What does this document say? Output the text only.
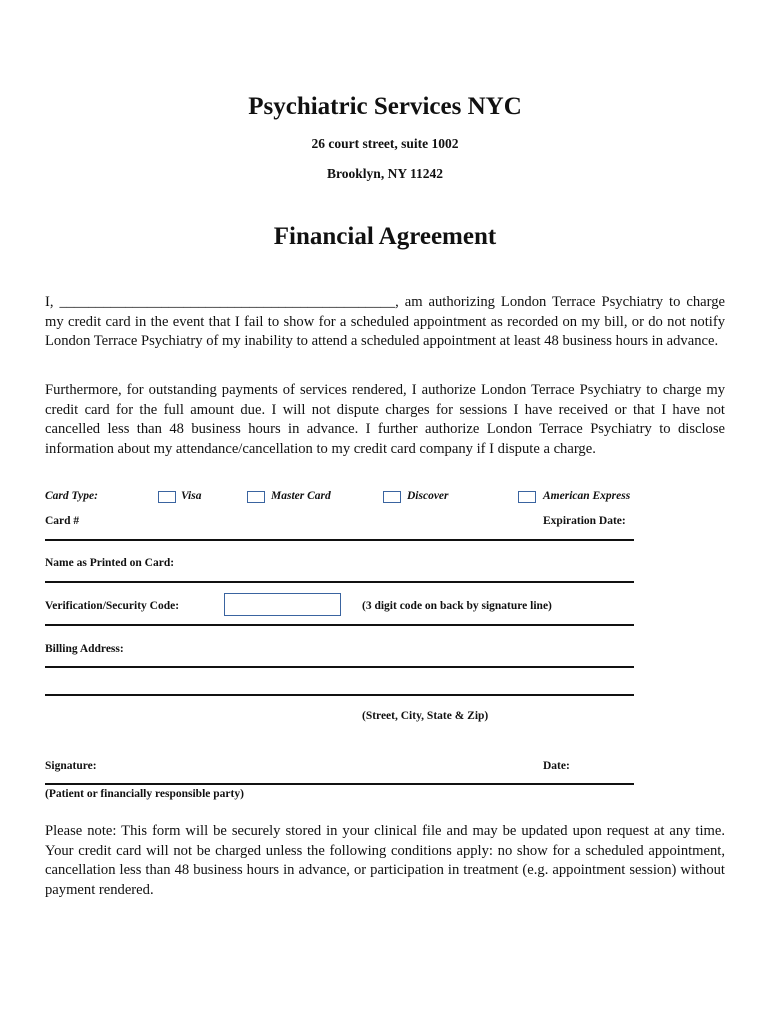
Psychiatric Services NYC
26 court street, suite 1002
Brooklyn, NY 11242
Financial Agreement
I, ______________________________________________, am authorizing London Terrace Psychiatry to charge my credit card in the event that I fail to show for a scheduled appointment as recorded on my bill, or do not notify London Terrace Psychiatry of my inability to attend a scheduled appointment at least 48 business hours in advance.
Furthermore, for outstanding payments of services rendered, I authorize London Terrace Psychiatry to charge my credit card for the full amount due. I will not dispute charges for sessions I have received or that I have not cancelled less than 48 business hours in advance. I further authorize London Terrace Psychiatry to disclose information about my attendance/cancellation to my credit card company if I dispute a charge.
Card Type:	Visa	Master Card	Discover	American Express
Card #	Expiration Date:
Name as Printed on Card:
Verification/Security Code:	(3 digit code on back by signature line)
Billing Address:
(Street, City, State & Zip)
Signature:	Date:
(Patient or financially responsible party)
Please note: This form will be securely stored in your clinical file and may be updated upon request at any time. Your credit card will not be charged unless the following conditions apply: no show for a scheduled appointment, cancellation less than 48 business hours in advance, or participation in treatment (e.g. appointment session) without payment rendered.
